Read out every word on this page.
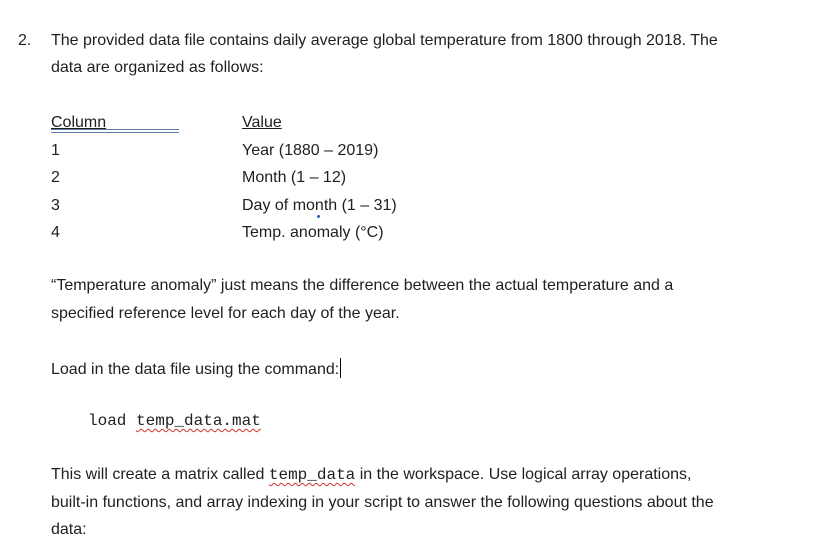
2. The provided data file contains daily average global temperature from 1800 through 2018. The
data are organized as follows:
Column	Value
1	Year (1880 – 2019)
2	Month (1 – 12)
3	Day of month (1 – 31)
4	Temp. anomaly (°C)
“Temperature anomaly” just means the difference between the actual temperature and a
specified reference level for each day of the year.
Load in the data file using the command:
load temp_data.mat
This will create a matrix called temp_data in the workspace. Use logical array operations,
built-in functions, and array indexing in your script to answer the following questions about the
data:
